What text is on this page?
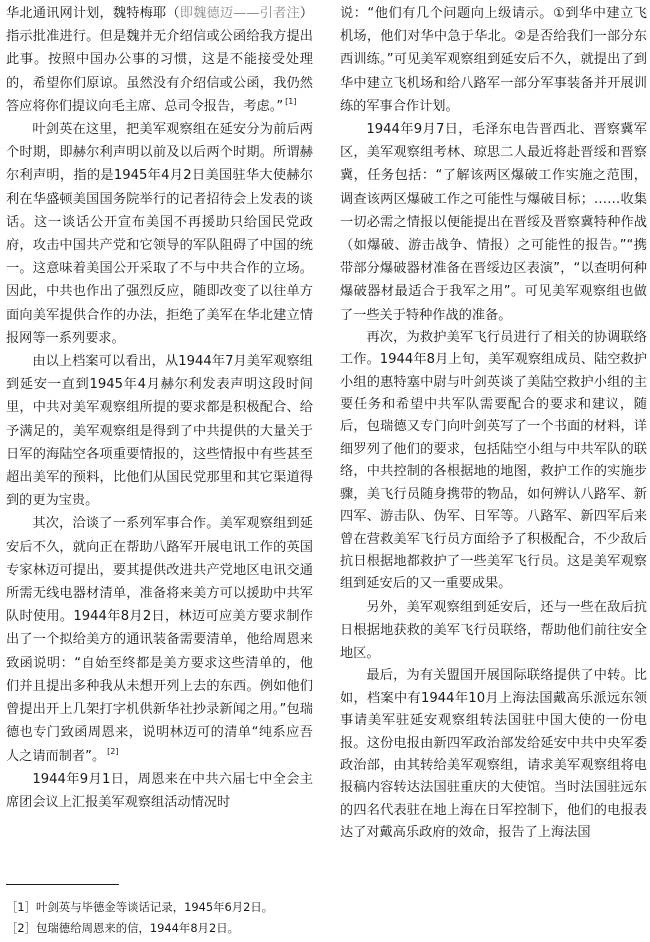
华北通讯网计划，魏特梅耶（即魏德迈——引者注）指示批准进行。但是魏并无介绍信或公函给我方提出此事。按照中国办公事的习惯，这是不能接受处理的，希望你们原谅。虽然没有介绍信或公函，我仍然答应将你们提议向毛主席、总司令报告，考虑。” [1]

叶剑英在这里，把美军观察组在延安分为前后两个时期，即赫尔利声明以前及以后两个时期。所谓赫尔利声明，指的是1945年4月2日美国驻华大使赫尔利在华盛顿美国国务院举行的记者招待会上发表的谈话。这一谈话公开宣布美国不再援助只给国民党政府，攻击中国共产党和它领导的军队阻碍了中国的统一。这意味着美国公开采取了不与中共合作的立场。因此，中共也作出了强烈反应，随即改变了以往单方面向美军提供合作的办法，拒绝了美军在华北建立情报网等一系列要求。

由以上档案可以看出，从1944年7月美军观察组到延安一直到1945年4月赫尔利发表声明这段时间里，中共对美军观察组所提的要求都是积极配合、给予满足的，美军观察组是得到了中共提供的大量关于日军的海陆空各项重要情报的，这些情报中有些甚至超出美军的预料，比他们从国民党那里和其它渠道得到的更为宝贵。

其次，洽谈了一系列军事合作。美军观察组到延安后不久，就向正在帮助八路军开展电讯工作的英国专家林迈可提出，要其提供改进共产党地区电讯交通所需无线电器材清单，准备将来美方可以援助中共军队时使用。1944年8月2日，林迈可应美方要求制作出了一个拟给美方的通讯装备需要清单，他给周恩来致函说明：“自始至终都是美方要求这些清单的，他们并且提出多种我从未想开列上去的东西。例如他们曾提出开上几架打字机供新华社抄录新闻之用。”包瑞德也专门致函周恩来，说明林迈可的清单“纯系应吾人之请而制者”。 [2]

1944年9月1日，周恩来在中共六届七中全会主席团会议上汇报美军观察组活动情况时

说：“他们有几个问题向上级请示。①到华中建立飞机场，他们对华中急于华北。②是否给我们一部分东西训练。”可见美军观察组到延安后不久，就提出了到华中建立飞机场和给八路军一部分军事装备并开展训练的军事合作计划。

1944年9月7日，毛泽东电告晋西北、晋察冀军区，美军观察组考林、琼思二人最近将赴晋绥和晋察冀，任务包括：“了解该两区爆破工作实施之范围，调查该两区爆破工作之可能性与爆破目标；……收集一切必需之情报以便能提出在晋绥及晋察冀特种作战（如爆破、游击战争、情报）之可能性的报告。”“携带部分爆破器材准备在晋绥边区表演”，“以查明何种爆破器材最适合于我军之用”。可见美军观察组也做了一些关于特种作战的准备。

再次，为救护美军飞行员进行了相关的协调联络工作。1944年8月上旬，美军观察组成员、陆空救护小组的惠特塞中尉与叶剑英谈了美陆空救护小组的主要任务和希望中共军队需要配合的要求和建议，随后，包瑞德又专门向叶剑英写了一个书面的材料，详细罗列了他们的要求，包括陆空小组与中共军队的联络，中共控制的各根据地的地图，救护工作的实施步骤，美飞行员随身携带的物品，如何辨认八路军、新四军、游击队、伪军、日军等。八路军、新四军后来曾在营救美军飞行员方面给予了积极配合，不少敌后抗日根据地都救护了一些美军飞行员。这是美军观察组到延安后的又一重要成果。

另外，美军观察组到延安后，还与一些在敌后抗日根据地获救的美军飞行员联络，帮助他们前往安全地区。

最后，为有关盟国开展国际联络提供了中转。比如，档案中有1944年10月上海法国戴高乐派远东领事请美军驻延安观察组转法国驻中国大使的一份电报。这份电报由新四军政治部发给延安中共中央军委政治部，由其转给美军观察组，请求美军观察组将电报稿内容转达法国驻重庆的大使馆。当时法国驻远东的四名代表驻在地上海在日军控制下，他们的电报表达了对戴高乐政府的效命，报告了上海法国

［1］叶剑英与毕德金等谈话记录，1945年6月2日。
［2］包瑞德给周恩来的信，1944年8月2日。
